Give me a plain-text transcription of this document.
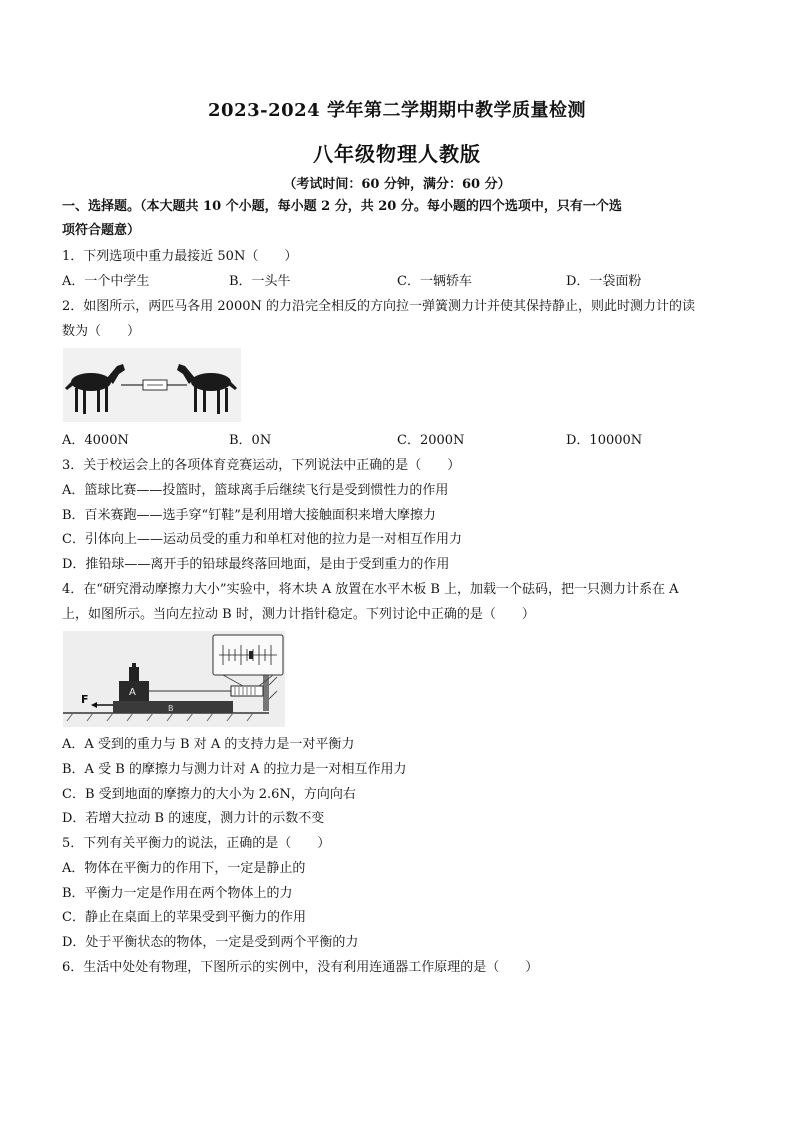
2023-2024 学年第二学期期中教学质量检测
八年级物理人教版
（考试时间：60 分钟，满分：60 分）
一、选择题。（本大题共 10 个小题，每小题 2 分，共 20 分。每小题的四个选项中，只有一个选
项符合题意）
1．下列选项中重力最接近 50N（　　）
A．一个中学生	B．一头牛	C．一辆轿车	D．一袋面粉
2．如图所示，两匹马各用 2000N 的力沿完全相反的方向拉一弹簧测力计并使其保持静止，则此时测力计的读
数为（　　）
A．4000N	B．0N	C．2000N	D．10000N
3．关于校运会上的各项体育竞赛运动，下列说法中正确的是（　　）
A．篮球比赛——投篮时，篮球离手后继续飞行是受到惯性力的作用
B．百米赛跑——选手穿“钉鞋”是利用增大接触面积来增大摩擦力
C．引体向上——运动员受的重力和单杠对他的拉力是一对相互作用力
D．推铅球——离开手的铅球最终落回地面，是由于受到重力的作用
4．在“研究滑动摩擦力大小”实验中，将木块 A 放置在水平木板 B 上，加载一个砝码，把一只测力计系在 A
上，如图所示。当向左拉动 B 时，测力计指针稳定。下列讨论中正确的是（　　）
B
A
F
A．A 受到的重力与 B 对 A 的支持力是一对平衡力
B．A 受 B 的摩擦力与测力计对 A 的拉力是一对相互作用力
C．B 受到地面的摩擦力的大小为 2.6N，方向向右
D．若增大拉动 B 的速度，测力计的示数不变
5．下列有关平衡力的说法，正确的是（　　）
A．物体在平衡力的作用下，一定是静止的
B．平衡力一定是作用在两个物体上的力
C．静止在桌面上的苹果受到平衡力的作用
D．处于平衡状态的物体，一定是受到两个平衡的力
6．生活中处处有物理，下图所示的实例中，没有利用连通器工作原理的是（　　）
